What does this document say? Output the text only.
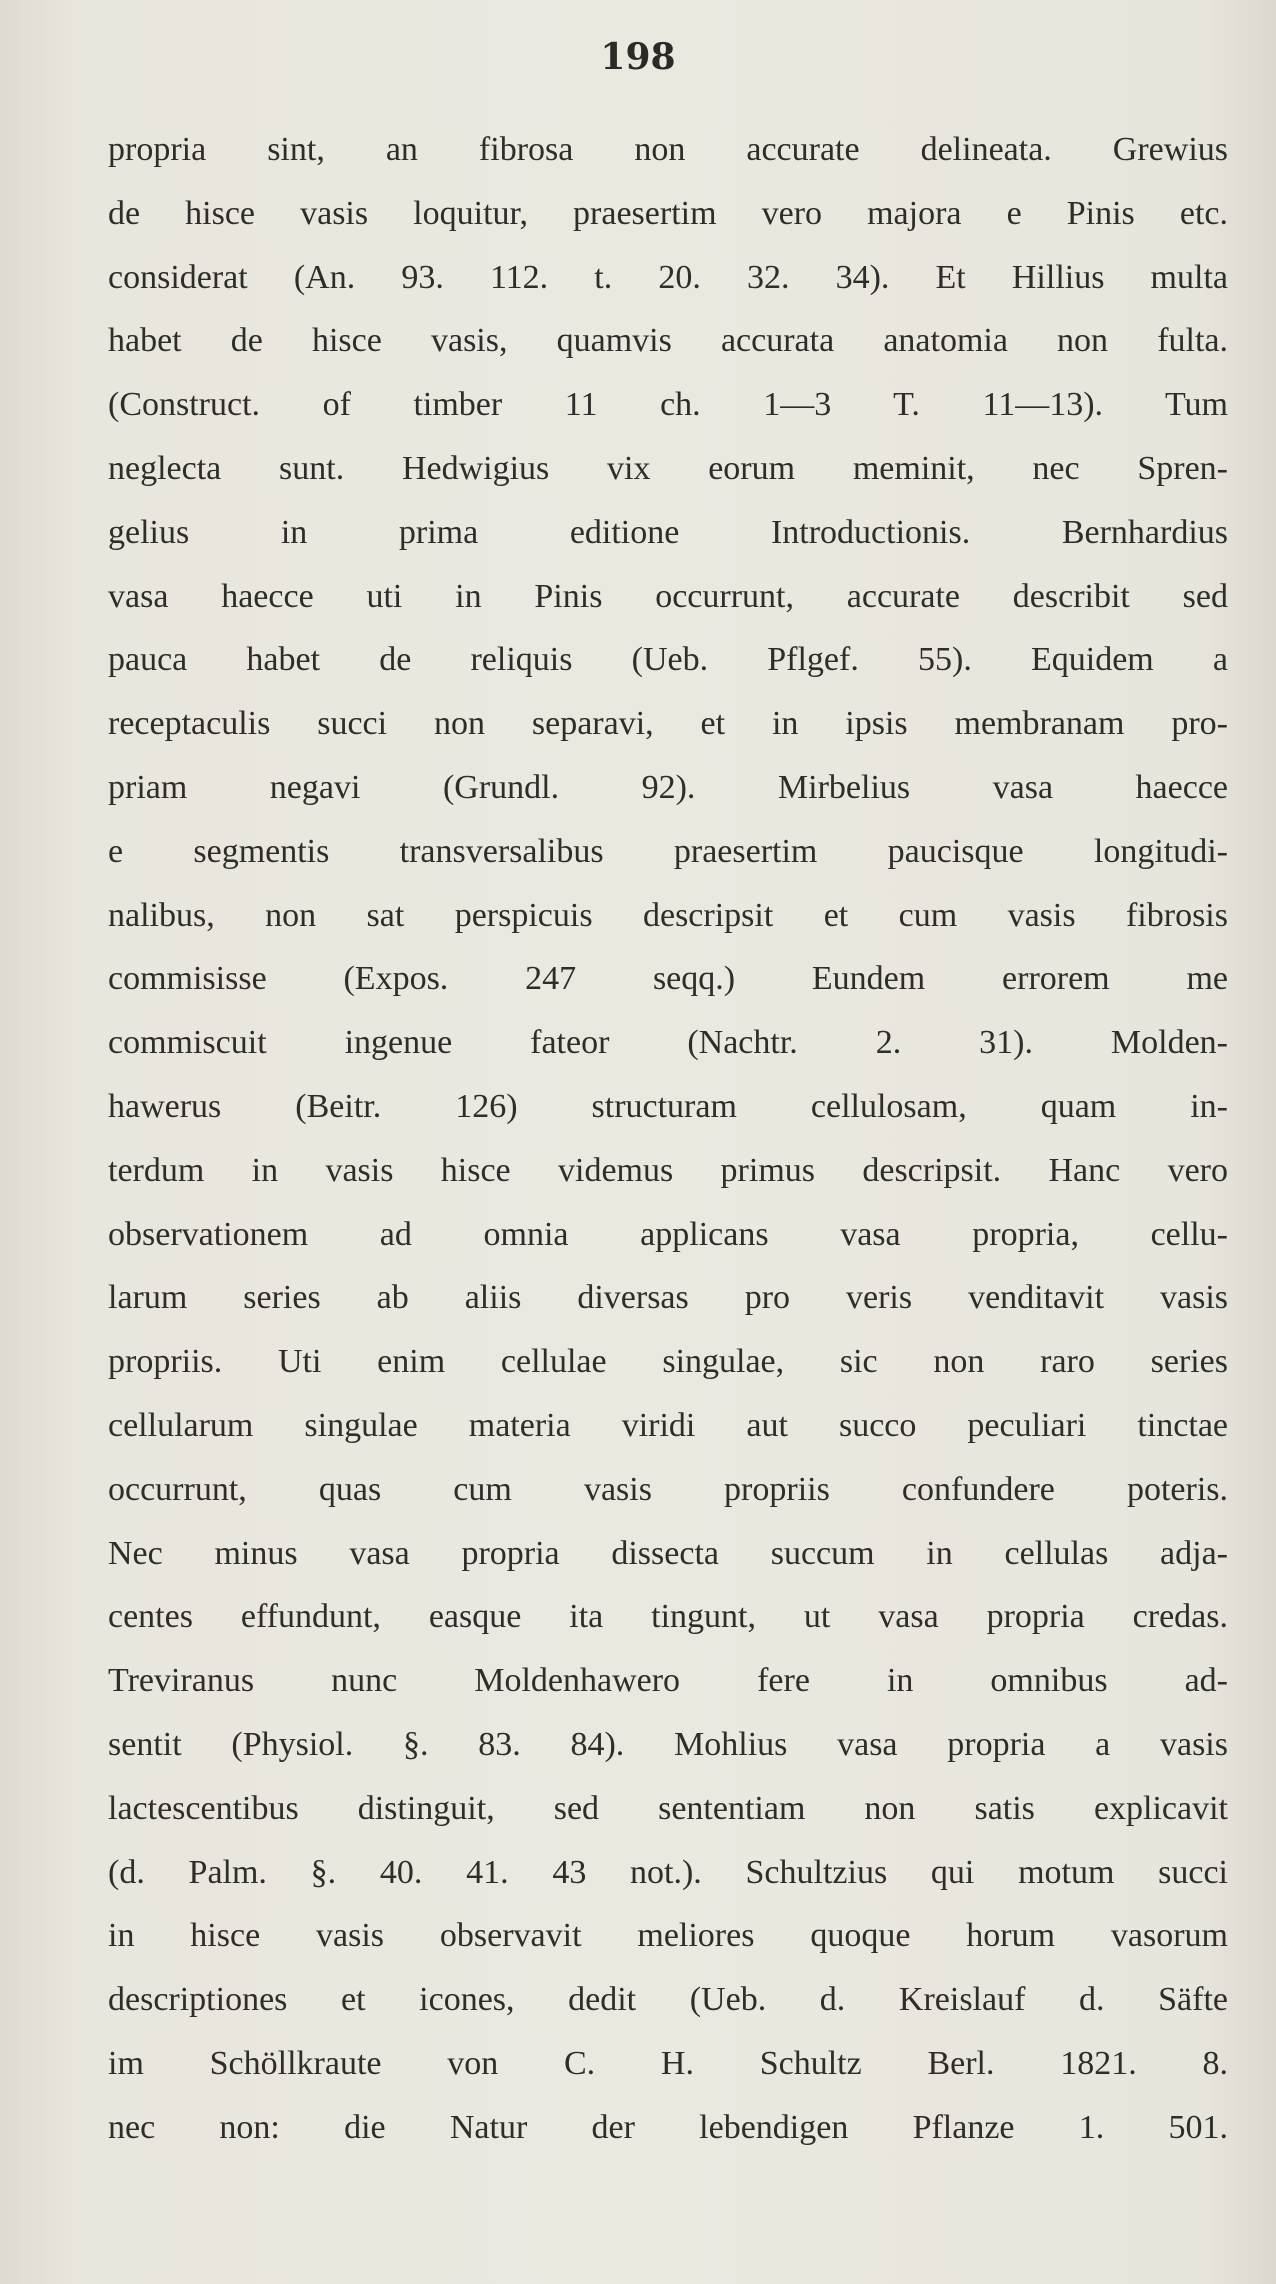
198
propria sint, an fibrosa non accurate delineata. Grewius
de hisce vasis loquitur, praesertim vero majora e Pinis etc.
considerat (An. 93. 112. t. 20. 32. 34). Et Hillius multa
habet de hisce vasis, quamvis accurata anatomia non fulta.
(Construct. of timber 11 ch. 1—3 T. 11—13). Tum
neglecta sunt. Hedwigius vix eorum meminit, nec Spren-
gelius in prima editione Introductionis. Bernhardius
vasa haecce uti in Pinis occurrunt, accurate describit sed
pauca habet de reliquis (Ueb. Pflgef. 55). Equidem a
receptaculis succi non separavi, et in ipsis membranam pro-
priam negavi (Grundl. 92). Mirbelius vasa haecce
e segmentis transversalibus praesertim paucisque longitudi-
nalibus, non sat perspicuis descripsit et cum vasis fibrosis
commisisse (Expos. 247 seqq.) Eundem errorem me
commiscuit ingenue fateor (Nachtr. 2. 31). Molden-
hawerus (Beitr. 126) structuram cellulosam, quam in-
terdum in vasis hisce videmus primus descripsit. Hanc vero
observationem ad omnia applicans vasa propria, cellu-
larum series ab aliis diversas pro veris venditavit vasis
propriis. Uti enim cellulae singulae, sic non raro series
cellularum singulae materia viridi aut succo peculiari tinctae
occurrunt, quas cum vasis propriis confundere poteris.
Nec minus vasa propria dissecta succum in cellulas adja-
centes effundunt, easque ita tingunt, ut vasa propria credas.
Treviranus nunc Moldenhawero fere in omnibus ad-
sentit (Physiol. §. 83. 84). Mohlius vasa propria a vasis
lactescentibus distinguit, sed sententiam non satis explicavit
(d. Palm. §. 40. 41. 43 not.). Schultzius qui motum succi
in hisce vasis observavit meliores quoque horum vasorum
descriptiones et icones, dedit (Ueb. d. Kreislauf d. Säfte
im Schöllkraute von C. H. Schultz Berl. 1821. 8.
nec non: die Natur der lebendigen Pflanze 1. 501.
